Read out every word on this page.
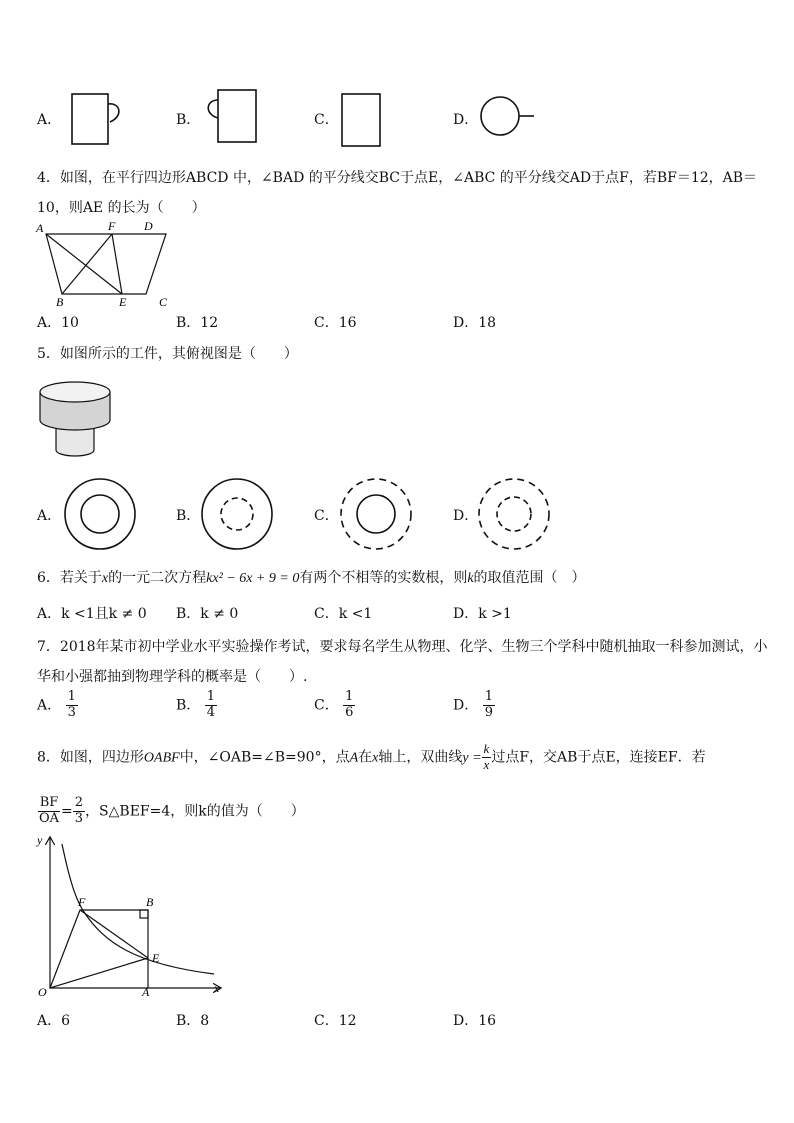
A．	B．	C．	D．
4．如图，在平行四边形ABCD 中，∠BAD 的平分线交BC于点E，∠ABC 的平分线交AD于点F，若BF＝12，AB＝
10，则AE 的长为（　　）
A	F D
B	E	C
A．10	B．12	C．16	D．18
5．如图所示的工件，其俯视图是（　　）
A．	B．	C．	D．
6．若关于x的一元二次方程kx² − 6x + 9 = 0有两个不相等的实数根，则k的取值范围（　）
A．k <1且k ≠ 0 B．k ≠ 0	C．k <1	D．k >1
7．2018年某市初中学业水平实验操作考试，要求每名学生从物理、化学、生物三个学科中随机抽取一科参加测试，小
华和小强都抽到物理学科的概率是（　　）.
A． $\frac{1}{3}$	B． $\frac{1}{4}$	C． $\frac{1}{6}$	D． $\frac{1}{9}$
8．如图，四边形OABF中，∠OAB=∠B=90°，点A在x轴上，双曲线$y = \frac{k}{x}$ 过点F，交AB于点E，连接EF．若
$\frac{BF}{OA} = \frac{2}{3}$ ，S△BEF=4，则k的值为（　　）
y
F	B
E
O	A	x
A．6	B．8	C．12	D．16
